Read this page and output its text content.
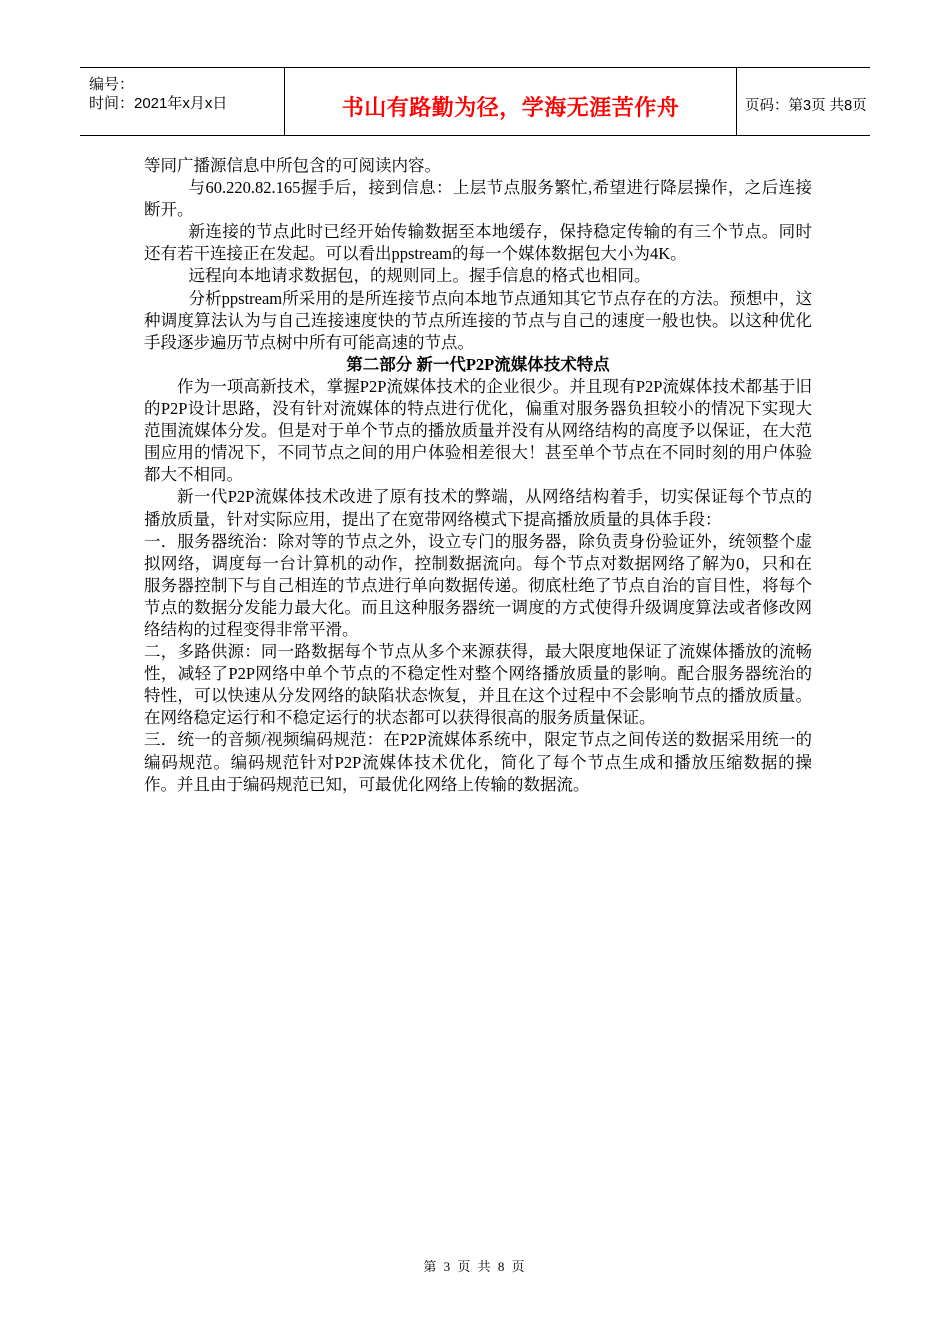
编号：
时间：2021年x月x日	书山有路勤为径，学海无涯苦作舟	页码：第3页 共8页

等同广播源信息中所包含的可阅读内容。

与60.220.82.165握手后，接到信息：上层节点服务繁忙,希望进行降层操作，之后连接断开。

新连接的节点此时已经开始传输数据至本地缓存，保持稳定传输的有三个节点。同时还有若干连接正在发起。可以看出ppstream的每一个媒体数据包大小为4K。

远程向本地请求数据包，的规则同上。握手信息的格式也相同。

分析ppstream所采用的是所连接节点向本地节点通知其它节点存在的方法。预想中，这种调度算法认为与自己连接速度快的节点所连接的节点与自己的速度一般也快。以这种优化手段逐步遍历节点树中所有可能高速的节点。

第二部分 新一代P2P流媒体技术特点

作为一项高新技术，掌握P2P流媒体技术的企业很少。并且现有P2P流媒体技术都基于旧的P2P设计思路，没有针对流媒体的特点进行优化，偏重对服务器负担较小的情况下实现大范围流媒体分发。但是对于单个节点的播放质量并没有从网络结构的高度予以保证，在大范围应用的情况下，不同节点之间的用户体验相差很大！甚至单个节点在不同时刻的用户体验都大不相同。

新一代P2P流媒体技术改进了原有技术的弊端，从网络结构着手，切实保证每个节点的播放质量，针对实际应用，提出了在宽带网络模式下提高播放质量的具体手段：

一．服务器统治：除对等的节点之外，设立专门的服务器，除负责身份验证外，统领整个虚拟网络，调度每一台计算机的动作，控制数据流向。每个节点对数据网络了解为0，只和在服务器控制下与自己相连的节点进行单向数据传递。彻底杜绝了节点自治的盲目性，将每个节点的数据分发能力最大化。而且这种服务器统一调度的方式使得升级调度算法或者修改网络结构的过程变得非常平滑。

二，多路供源：同一路数据每个节点从多个来源获得，最大限度地保证了流媒体播放的流畅性，减轻了P2P网络中单个节点的不稳定性对整个网络播放质量的影响。配合服务器统治的特性，可以快速从分发网络的缺陷状态恢复，并且在这个过程中不会影响节点的播放质量。在网络稳定运行和不稳定运行的状态都可以获得很高的服务质量保证。

三．统一的音频/视频编码规范：在P2P流媒体系统中，限定节点之间传送的数据采用统一的编码规范。编码规范针对P2P流媒体技术优化，简化了每个节点生成和播放压缩数据的操作。并且由于编码规范已知，可最优化网络上传输的数据流。

第 3 页 共 8 页
